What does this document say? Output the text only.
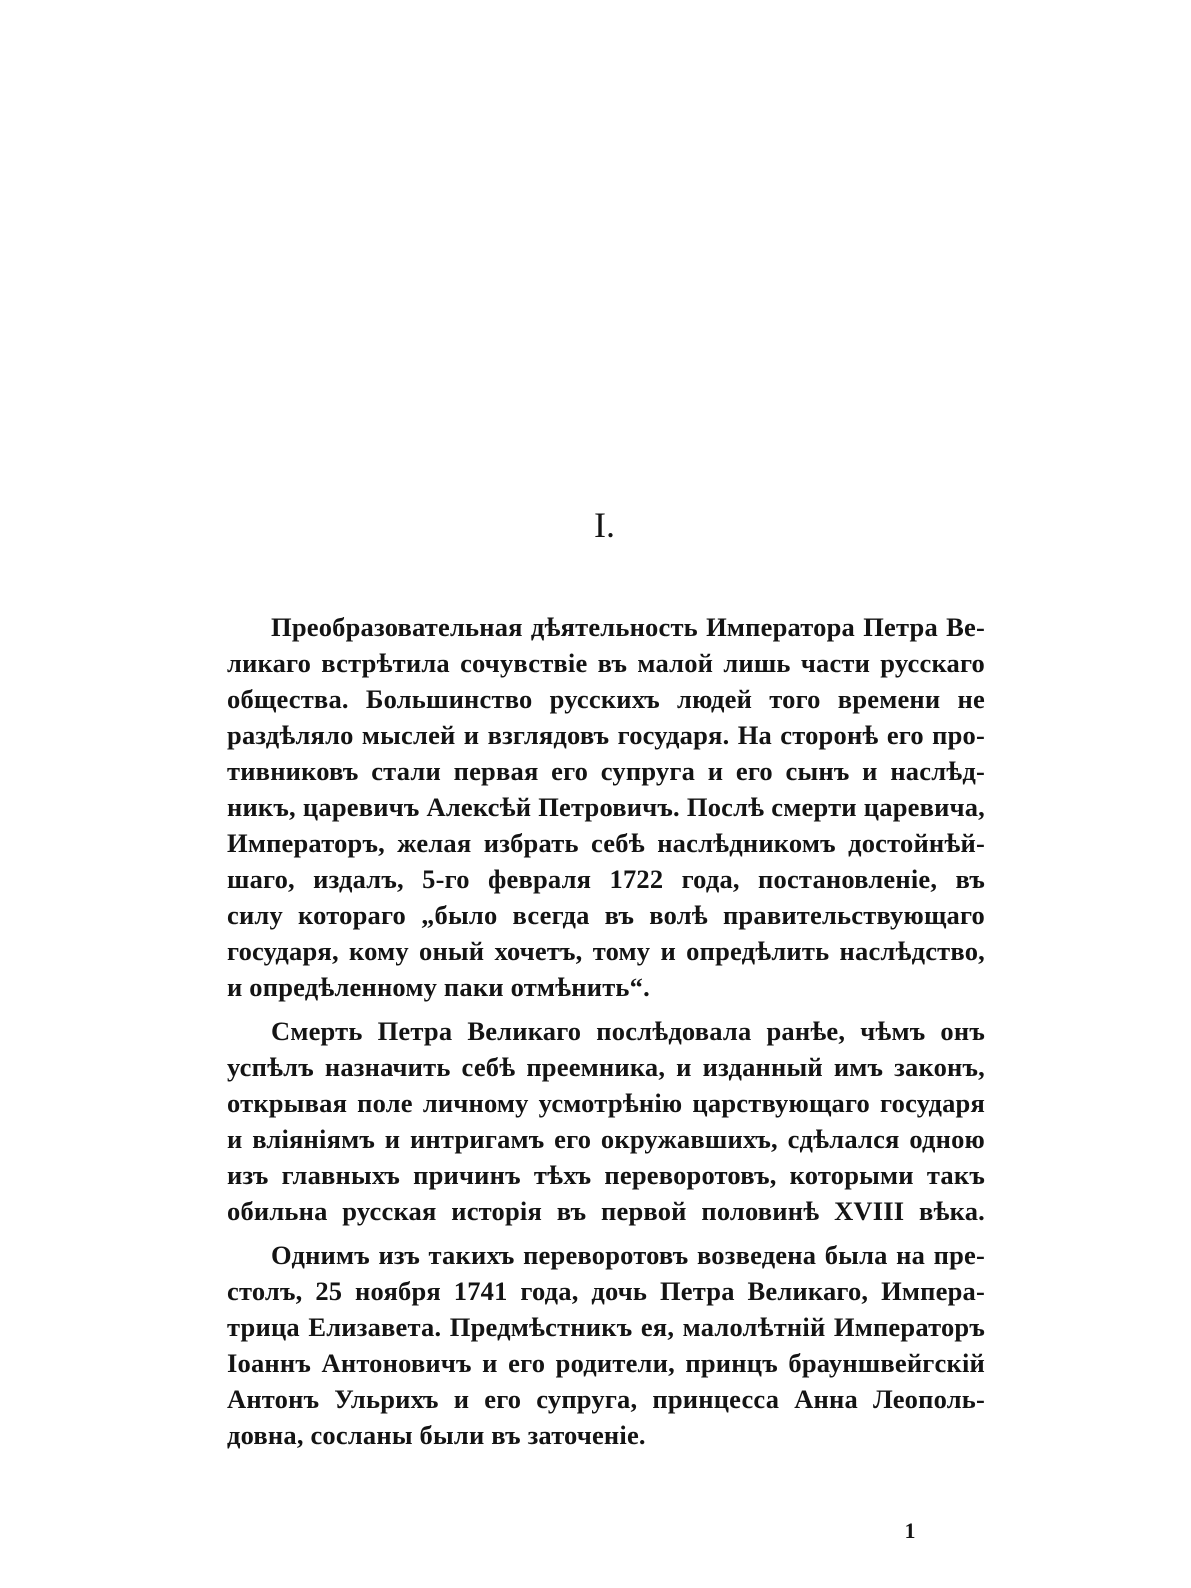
I.
Преобразовательная дѣятельность Императора Петра Ве-
ликаго встрѣтила сочувствіе въ малой лишь части русскаго
общества. Большинство русскихъ людей того времени не
раздѣляло мыслей и взглядовъ государя. На сторонѣ его про-
тивниковъ стали первая его супруга и его сынъ и наслѣд-
никъ, царевичъ Алексѣй Петровичъ. Послѣ смерти царевича,
Императоръ, желая избрать себѣ наслѣдникомъ достойнѣй-
шаго, издалъ, 5-го февраля 1722 года, постановленіе, въ
силу котораго „было всегда въ волѣ правительствующаго
государя, кому оный хочетъ, тому и опредѣлить наслѣдство,
и опредѣленному паки отмѣнить“.
Смерть Петра Великаго послѣдовала ранѣе, чѣмъ онъ
успѣлъ назначить себѣ преемника, и изданный имъ законъ,
открывая поле личному усмотрѣнію царствующаго государя
и вліяніямъ и интригамъ его окружавшихъ, сдѣлался одною
изъ главныхъ причинъ тѣхъ переворотовъ, которыми такъ
обильна русская исторія въ первой половинѣ XVIII вѣка.
Однимъ изъ такихъ переворотовъ возведена была на пре-
столъ, 25 ноября 1741 года, дочь Петра Великаго, Импера-
трица Елизавета. Предмѣстникъ ея, малолѣтній Императоръ
Іоаннъ Антоновичъ и его родители, принцъ брауншвейгскій
Антонъ Ульрихъ и его супруга, принцесса Анна Леополь-
довна, сосланы были въ заточеніе.
1
